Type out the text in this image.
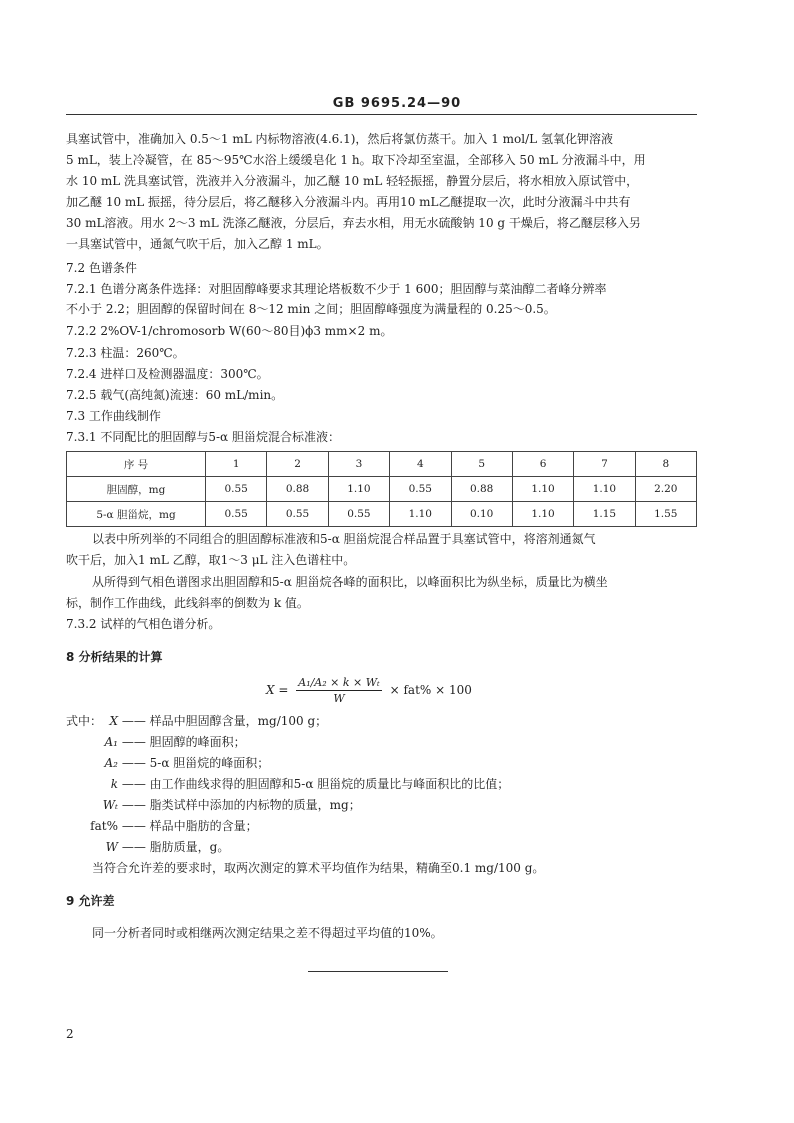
GB 9695.24—90
具塞试管中，准确加入 0.5～1 mL 内标物溶液(4.6.1)，然后将氯仿蒸干。加入 1 mol/L 氢氧化钾溶液
5 mL，装上冷凝管，在 85～95℃水浴上缓缓皂化 1 h。取下冷却至室温，全部移入 50 mL 分液漏斗中，用
水 10 mL 洗具塞试管，洗液并入分液漏斗，加乙醚 10 mL 轻轻振摇，静置分层后，将水相放入原试管中，
加乙醚 10 mL 振摇，待分层后，将乙醚移入分液漏斗内。再用10 mL乙醚提取一次，此时分液漏斗中共有
30 mL溶液。用水 2～3 mL 洗涤乙醚液，分层后，弃去水相，用无水硫酸钠 10 g 干燥后，将乙醚层移入另
一具塞试管中，通氮气吹干后，加入乙醇 1 mL。
7.2 色谱条件
7.2.1 色谱分离条件选择：对胆固醇峰要求其理论塔板数不少于 1 600；胆固醇与菜油醇二者峰分辨率
不小于 2.2；胆固醇的保留时间在 8～12 min 之间；胆固醇峰强度为满量程的 0.25～0.5。
7.2.2 2%OV-1/chromosorb W(60～80目)ϕ3 mm×2 m。
7.2.3 柱温：260℃。
7.2.4 进样口及检测器温度：300℃。
7.2.5 载气(高纯氮)流速：60 mL/min。
7.3 工作曲线制作
7.3.1 不同配比的胆固醇与5-α 胆甾烷混合标准液：
序 号	1	2	3	4	5	6	7	8
胆固醇，mg	0.55	0.88	1.10	0.55	0.88	1.10	1.10	2.20
5-α 胆甾烷，mg	0.55	0.55	0.55	1.10	0.10	1.10	1.15	1.55
以表中所列举的不同组合的胆固醇标准液和5-α 胆甾烷混合样品置于具塞试管中，将溶剂通氮气
吹干后，加入1 mL 乙醇，取1～3 μL 注入色谱柱中。
从所得到气相色谱图求出胆固醇和5-α 胆甾烷各峰的面积比，以峰面积比为纵坐标，质量比为横坐
标，制作工作曲线，此线斜率的倒数为 k 值。
7.3.2 试样的气相色谱分析。
8 分析结果的计算
$X = \frac{\text{A₁/A₂ × k × Wₜ}}{W} \times fat\% \times 100$
式中： X —— 样品中胆固醇含量，mg/100 g；
A₁ —— 胆固醇的峰面积；
A₂ —— 5-α 胆甾烷的峰面积；
k —— 由工作曲线求得的胆固醇和5-α 胆甾烷的质量比与峰面积比的比值；
Wₜ —— 脂类试样中添加的内标物的质量，mg；
fat% —— 样品中脂肪的含量；
W —— 脂肪质量，g。
当符合允许差的要求时，取两次测定的算术平均值作为结果，精确至0.1 mg/100 g。
9 允许差
同一分析者同时或相继两次测定结果之差不得超过平均值的10%。
2
